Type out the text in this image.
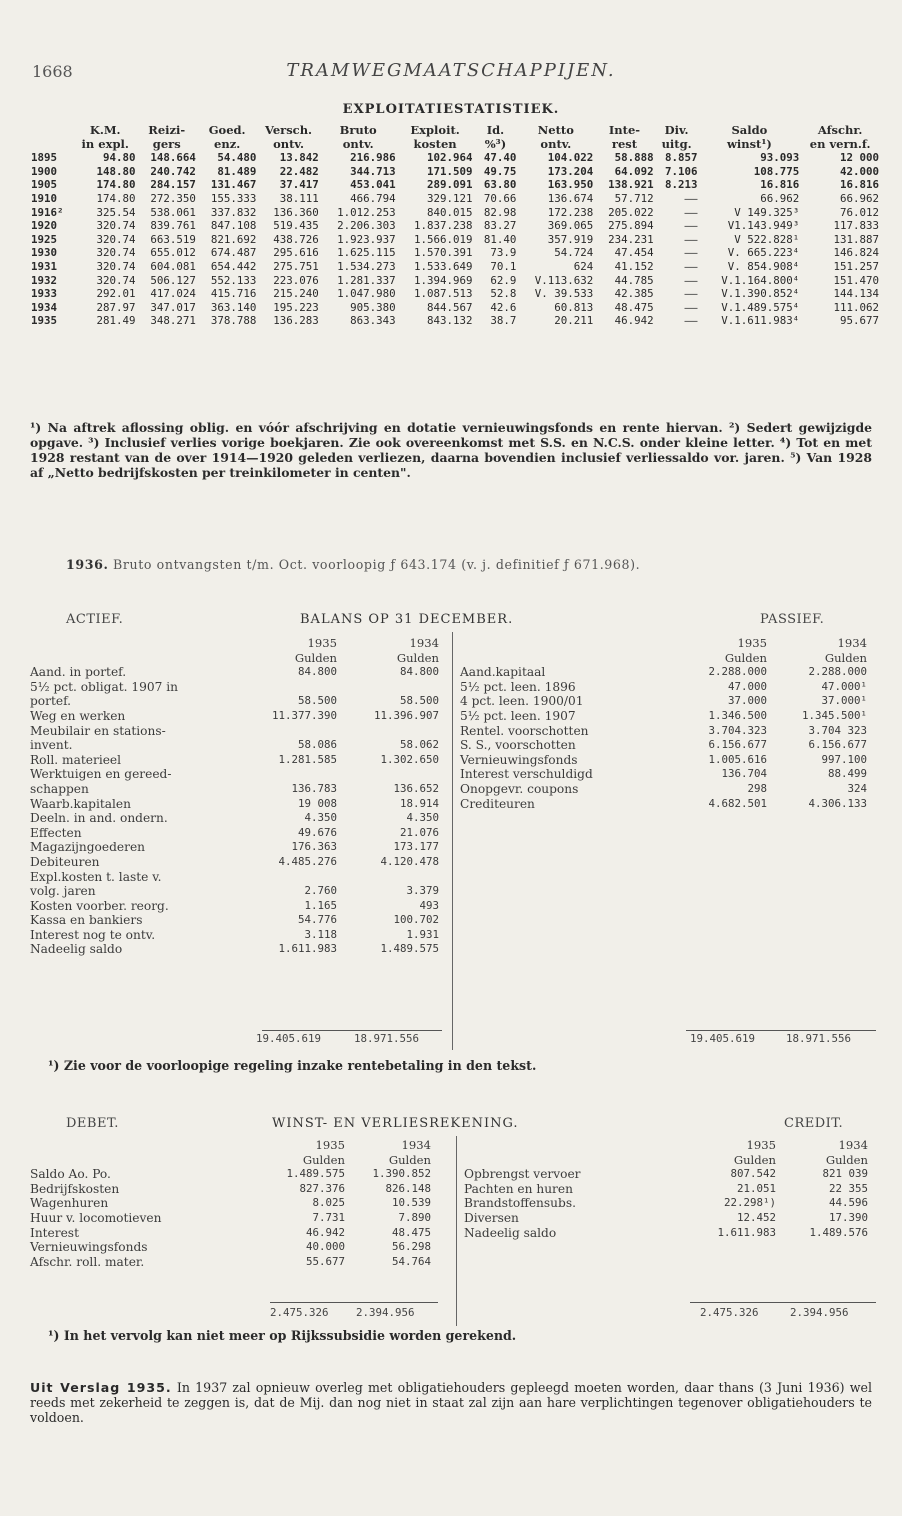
1668	TRAMWEGMAATSCHAPPIJEN.
EXPLOITATIESTATISTIEK.
	K.M.	Reizi-	Goed.	Versch.	Bruto	Exploit.	Id.	Netto	Inte-	Div.	Saldo	Afschr.
	in expl.	gers	enz.	ontv.	ontv.	kosten	%³)	ontv.	rest	uitg.	winst¹)	en vern.f.
1895	94.80	148.664	54.480	13.842	216.986	102.964	47.40	104.022	58.888	8.857	93.093	12 000
1900	148.80	240.742	81.489	22.482	344.713	171.509	49.75	173.204	64.092	7.106	108.775	42.000
1905	174.80	284.157	131.467	37.417	453.041	289.091	63.80	163.950	138.921	8.213	16.816	16.816
1910	174.80	272.350	155.333	38.111	466.794	329.121	70.66	136.674	57.712	——	66.962	66.962
1916²	325.54	538.061	337.832	136.360	1.012.253	840.015	82.98	172.238	205.022	——	V 149.325³	76.012
1920	320.74	839.761	847.108	519.435	2.206.303	1.837.238	83.27	369.065	275.894	——	V1.143.949³	117.833
1925	320.74	663.519	821.692	438.726	1.923.937	1.566.019	81.40	357.919	234.231	——	V 522.828¹	131.887
1930	320.74	655.012	674.487	295.616	1.625.115	1.570.391	73.9	54.724	47.454	——	V. 665.223⁴	146.824
1931	320.74	604.081	654.442	275.751	1.534.273	1.533.649	70.1	624	41.152	——	V. 854.908⁴	151.257
1932	320.74	506.127	552.133	223.076	1.281.337	1.394.969	62.9	V.113.632	44.785	——	V.1.164.800⁴	151.470
1933	292.01	417.024	415.716	215.240	1.047.980	1.087.513	52.8	V. 39.533	42.385	——	V.1.390.852⁴	144.134
1934	287.97	347.017	363.140	195.223	905.380	844.567	42.6	60.813	48.475	——	V.1.489.575⁴	111.062
1935	281.49	348.271	378.788	136.283	863.343	843.132	38.7	20.211	46.942	——	V.1.611.983⁴	95.677
¹) Na aftrek aflossing oblig. en vóór afschrijving en dotatie vernieuwingsfonds en rente hiervan. ²) Sedert gewijzigde opgave. ³) Inclusief verlies vorige boekjaren. Zie ook overeenkomst met S.S. en N.C.S. onder kleine letter. ⁴) Tot en met 1928 restant van de over 1914—1920 geleden verliezen, daarna bovendien inclusief verliessaldo vor. jaren. ⁵) Van 1928 af „Netto bedrijfskosten per treinkilometer in centen".
1936. Bruto ontvangsten t/m. Oct. voorloopig ƒ 643.174 (v. j. definitief ƒ 671.968).
ACTIEF.	BALANS OP 31 DECEMBER.	PASSIEF.
	1935	1934
	Gulden	Gulden
Aand. in portef.	84.800	84.800
5½ pct. obligat. 1907 in		
portef.	58.500	58.500
Weg en werken	11.377.390	11.396.907
Meubilair en stations-		
invent.	58.086	58.062
Roll. materieel	1.281.585	1.302.650
Werktuigen en gereed-		
schappen	136.783	136.652
Waarb.kapitalen	19 008	18.914
Deeln. in and. ondern.	4.350	4.350
Effecten	49.676	21.076
Magazijngoederen	176.363	173.177
Debiteuren	4.485.276	4.120.478
Expl.kosten t. laste v.		
volg. jaren	2.760	3.379
Kosten voorber. reorg.	1.165	493
Kassa en bankiers	54.776	100.702
Interest nog te ontv.	3.118	1.931
Nadeelig saldo	1.611.983	1.489.575
19.405.619	18.971.556
	1935	1934
	Gulden	Gulden
Aand.kapitaal	2.288.000	2.288.000
5½ pct. leen. 1896	47.000	47.000¹
4 pct. leen. 1900/01	37.000	37.000¹
5½ pct. leen. 1907	1.346.500	1.345.500¹
Rentel. voorschotten	3.704.323	3.704 323
S. S., voorschotten	6.156.677	6.156.677
Vernieuwingsfonds	1.005.616	997.100
Interest verschuldigd	136.704	88.499
Onopgevr. coupons	298	324
Crediteuren	4.682.501	4.306.133
19.405.619	18.971.556
¹) Zie voor de voorloopige regeling inzake rentebetaling in den tekst.
DEBET.	WINST- EN VERLIESREKENING.	CREDIT.
	1935	1934
	Gulden	Gulden
Saldo Ao. Po.	1.489.575	1.390.852
Bedrijfskosten	827.376	826.148
Wagenhuren	8.025	10.539
Huur v. locomotieven	7.731	7.890
Interest	46.942	48.475
Vernieuwingsfonds	40.000	56.298
Afschr. roll. mater.	55.677	54.764
2.475.326	2.394.956
	1935	1934
	Gulden	Gulden
Opbrengst vervoer	807.542	821 039
Pachten en huren	21.051	22 355
Brandstoffensubs.	22.298¹)	44.596
Diversen	12.452	17.390
Nadeelig saldo	1.611.983	1.489.576
2.475.326	2.394.956
¹) In het vervolg kan niet meer op Rijkssubsidie worden gerekend.
Uit Verslag 1935. In 1937 zal opnieuw overleg met obligatiehouders gepleegd moeten worden, daar thans (3 Juni 1936) wel reeds met zekerheid te zeggen is, dat de Mij. dan nog niet in staat zal zijn aan hare verplichtingen tegenover obligatiehouders te voldoen.
